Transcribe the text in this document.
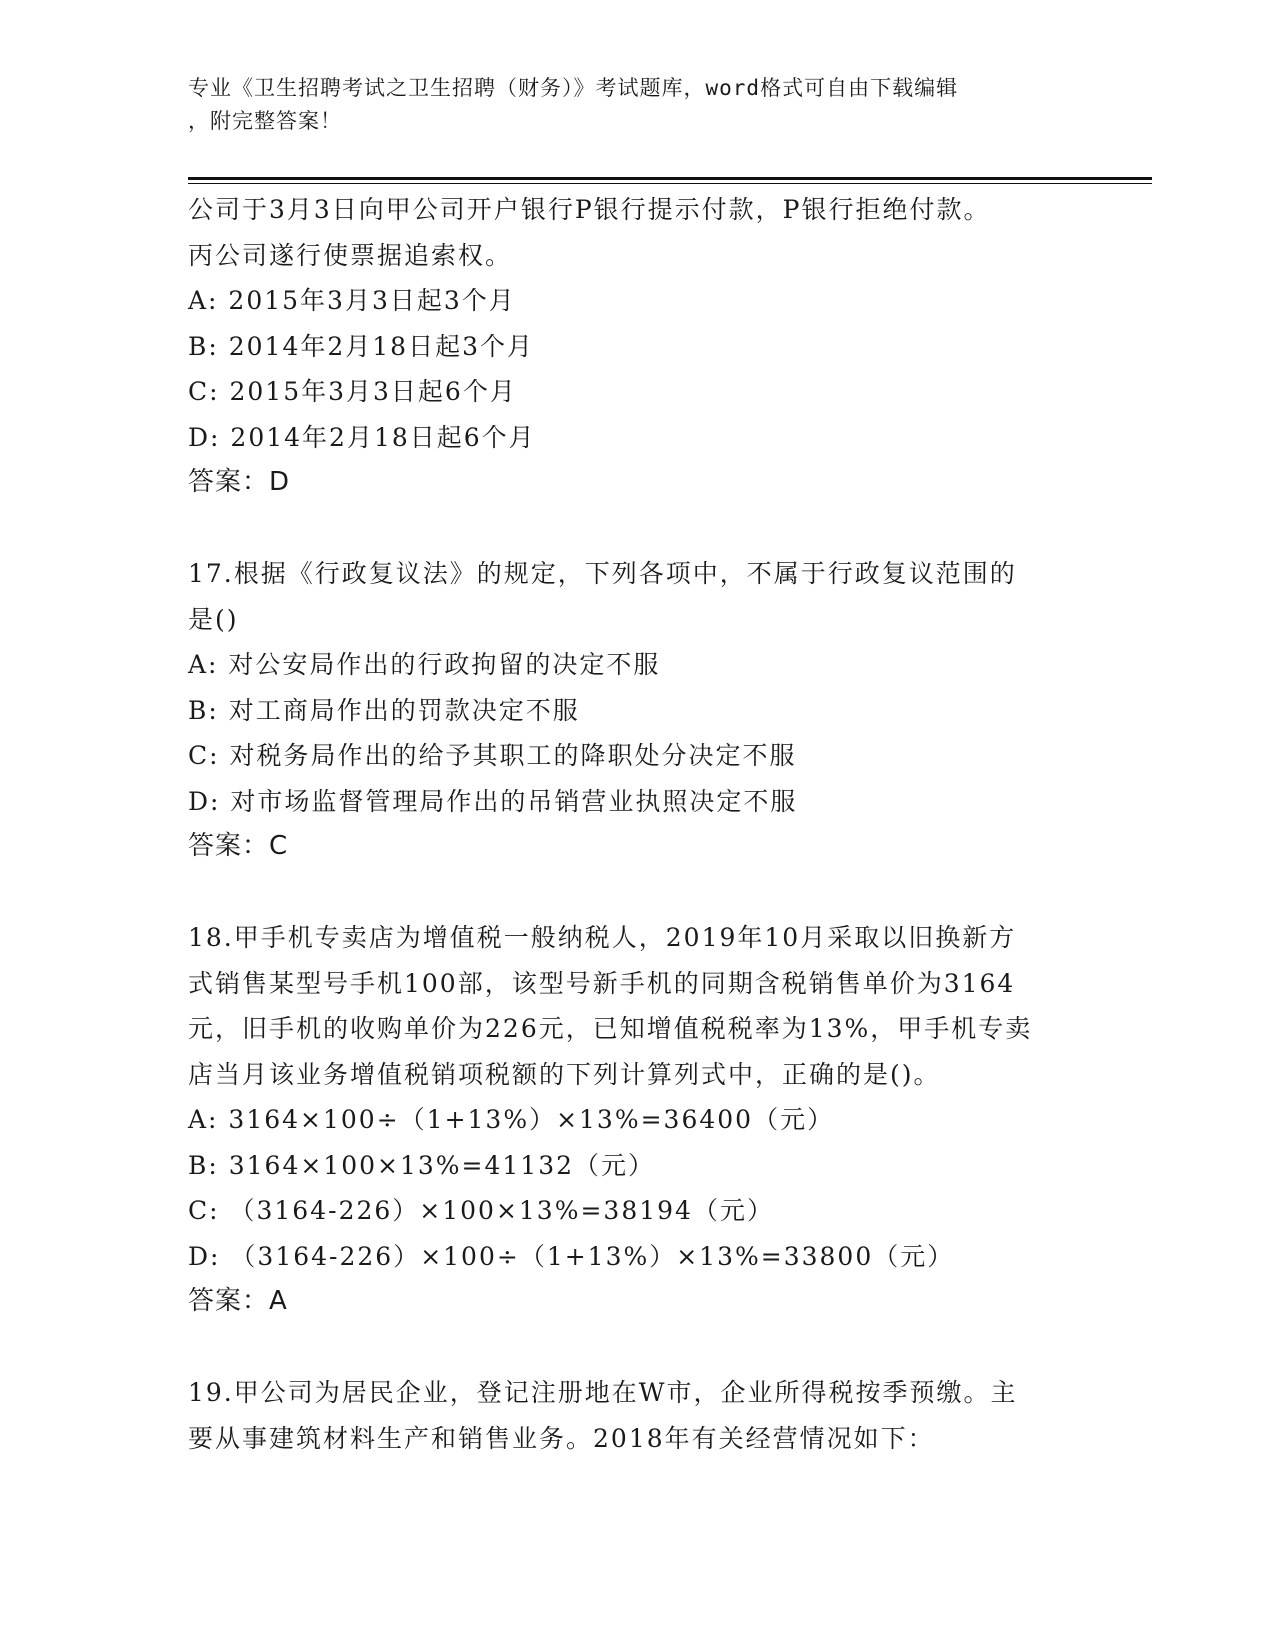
专业《卫生招聘考试之卫生招聘（财务）》考试题库，word格式可自由下载编辑
，附完整答案！
公司于3月3日向甲公司开户银行P银行提示付款，P银行拒绝付款。
丙公司遂行使票据追索权。
A: 2015年3月3日起3个月
B: 2014年2月18日起3个月
C: 2015年3月3日起6个月
D: 2014年2月18日起6个月
答案：D
17.根据《行政复议法》的规定，下列各项中，不属于行政复议范围的
是()
A: 对公安局作出的行政拘留的决定不服
B: 对工商局作出的罚款决定不服
C: 对税务局作出的给予其职工的降职处分决定不服
D: 对市场监督管理局作出的吊销营业执照决定不服
答案：C
18.甲手机专卖店为增值税一般纳税人，2019年10月采取以旧换新方
式销售某型号手机100部，该型号新手机的同期含税销售单价为3164
元，旧手机的收购单价为226元，已知增值税税率为13%，甲手机专卖
店当月该业务增值税销项税额的下列计算列式中，正确的是()。
A: 3164×100÷（1+13%）×13%=36400（元）
B: 3164×100×13%=41132（元）
C: （3164-226）×100×13%=38194（元）
D: （3164-226）×100÷（1+13%）×13%=33800（元）
答案：A
19.甲公司为居民企业，登记注册地在W市，企业所得税按季预缴。主
要从事建筑材料生产和销售业务。2018年有关经营情况如下：
